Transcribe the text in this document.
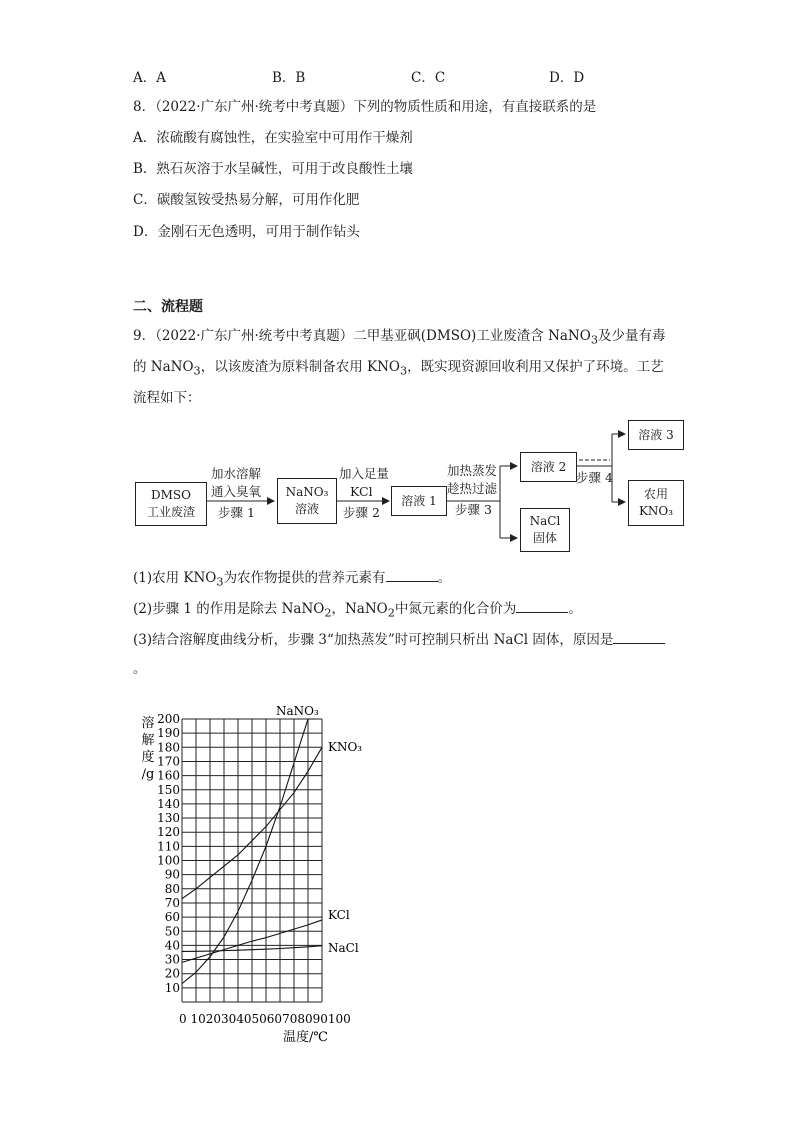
A．A	B．B	C．C	D．D
8．（2022·广东广州·统考中考真题）下列的物质性质和用途，有直接联系的是
A．浓硫酸有腐蚀性，在实验室中可用作干燥剂
B．熟石灰溶于水呈碱性，可用于改良酸性土壤
C．碳酸氢铵受热易分解，可用作化肥
D．金刚石无色透明，可用于制作钻头
二、流程题
9．（2022·广东广州·统考中考真题）二甲基亚砜(DMSO)工业废渣含 NaNO$_3$及少量有毒
的 NaNO$_3$，以该废渣为原料制备农用 $KNO_3$，既实现资源回收利用又保护了环境。工艺
流程如下：
DMSO
工业废渣
NaNO₃
溶液
溶液 1
溶液 2
NaCl
固体
溶液 3
农用
KNO₃
加水溶解
通入臭氧
步骤 1
加入足量
KCl
步骤 2
加热蒸发
趁热过滤
步骤 3
步骤 4
(1)农用 $KNO_3$为农作物提供的营养元素有	。
(2)步骤 1 的作用是除去 NaNO$_2$，NaNO$_2$中氮元素的化合价为	。
(3)结合溶解度曲线分析，步骤 3“加热蒸发”时可控制只析出 NaCl 固体，原因是
。
10
20
30
40
50
60
70
80
90
100
110
120
130
140
150
160
170
180
190
200
NaNO₃
KNO₃
KCl
NaCl
溶
解
度
/g
0 102030405060708090100
温度/℃
